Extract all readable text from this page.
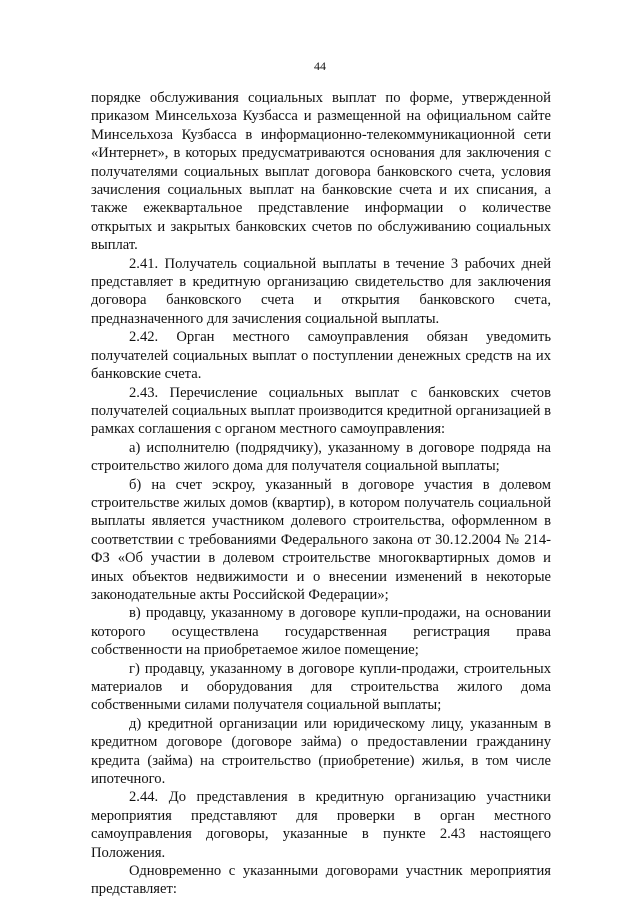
44

порядке обслуживания социальных выплат по форме, утвержденной приказом Минсельхоза Кузбасса и размещенной на официальном сайте Минсельхоза Кузбасса в информационно-телекоммуникационной сети «Интернет», в которых предусматриваются основания для заключения с получателями социальных выплат договора банковского счета, условия зачисления социальных выплат на банковские счета и их списания, а также ежеквартальное представление информации о количестве открытых и закрытых банковских счетов по обслуживанию социальных выплат.

2.41. Получатель социальной выплаты в течение 3 рабочих дней представляет в кредитную организацию свидетельство для заключения договора банковского счета и открытия банковского счета, предназначенного для зачисления социальной выплаты.

2.42. Орган местного самоуправления обязан уведомить получателей социальных выплат о поступлении денежных средств на их банковские счета.

2.43. Перечисление социальных выплат с банковских счетов получателей социальных выплат производится кредитной организацией в рамках соглашения с органом местного самоуправления:

а) исполнителю (подрядчику), указанному в договоре подряда на строительство жилого дома для получателя социальной выплаты;

б) на счет эскроу, указанный в договоре участия в долевом строительстве жилых домов (квартир), в котором получатель социальной выплаты является участником долевого строительства, оформленном в соответствии с требованиями Федерального закона от 30.12.2004 № 214-ФЗ «Об участии в долевом строительстве многоквартирных домов и иных объектов недвижимости и о внесении изменений в некоторые законодательные акты Российской Федерации»;

в) продавцу, указанному в договоре купли-продажи, на основании которого осуществлена государственная регистрация права собственности на приобретаемое жилое помещение;

г) продавцу, указанному в договоре купли-продажи, строительных материалов и оборудования для строительства жилого дома собственными силами получателя социальной выплаты;

д) кредитной организации или юридическому лицу, указанным в кредитном договоре (договоре займа) о предоставлении гражданину кредита (займа) на строительство (приобретение) жилья, в том числе ипотечного.

2.44. До представления в кредитную организацию участники мероприятия представляют для проверки в орган местного самоуправления договоры, указанные в пункте 2.43 настоящего Положения.

Одновременно с указанными договорами участник мероприятия представляет:
